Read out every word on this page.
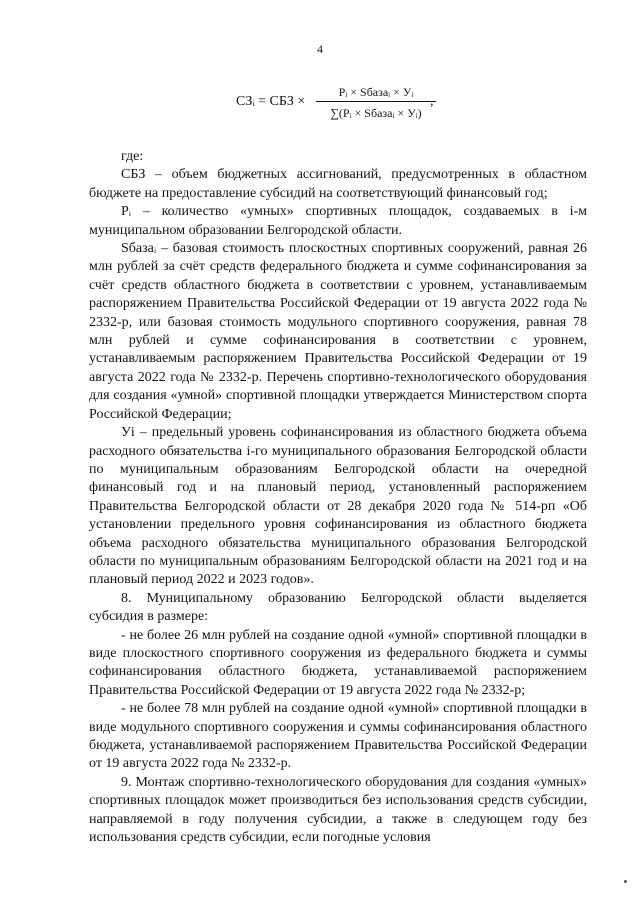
4
СЗᵢ = СБЗ ×
Pᵢ × Sбазаᵢ × Уᵢ
∑(Pᵢ × Sбазаᵢ × Уᵢ)
,

где:

СБЗ – объем бюджетных ассигнований, предусмотренных в областном бюджете на предоставление субсидий на соответствующий финансовый год;

Pᵢ – количество «умных» спортивных площадок, создаваемых в i-м муниципальном образовании Белгородской области.

Sбазаᵢ – базовая стоимость плоскостных спортивных сооружений, равная 26 млн рублей за счёт средств федерального бюджета и сумме софинансирования за счёт средств областного бюджета в соответствии с уровнем, устанавливаемым распоряжением Правительства Российской Федерации от 19 августа 2022 года № 2332-р, или базовая стоимость модульного спортивного сооружения, равная 78 млн рублей и сумме софинансирования в соответствии с уровнем, устанавливаемым распоряжением Правительства Российской Федерации от 19 августа 2022 года № 2332-р. Перечень спортивно-технологического оборудования для создания «умной» спортивной площадки утверждается Министерством спорта Российской Федерации;

Уi – предельный уровень софинансирования из областного бюджета объема расходного обязательства i-го муниципального образования Белгородской области по муниципальным образованиям Белгородской области на очередной финансовый год и на плановый период, установленный распоряжением Правительства Белгородской области от 28 декабря 2020 года № 514-рп «Об установлении предельного уровня софинансирования из областного бюджета объема расходного обязательства муниципального образования Белгородской области по муниципальным образованиям Белгородской области на 2021 год и на плановый период 2022 и 2023 годов».

8. Муниципальному образованию Белгородской области выделяется субсидия в размере:

- не более 26 млн рублей на создание одной «умной» спортивной площадки в виде плоскостного спортивного сооружения из федерального бюджета и суммы софинансирования областного бюджета, устанавливаемой распоряжением Правительства Российской Федерации от 19 августа 2022 года № 2332-р;

- не более 78 млн рублей на создание одной «умной» спортивной площадки в виде модульного спортивного сооружения и суммы софинансирования областного бюджета, устанавливаемой распоряжением Правительства Российской Федерации от 19 августа 2022 года № 2332-р.

9. Монтаж спортивно-технологического оборудования для создания «умных» спортивных площадок может производиться без использования средств субсидии, направляемой в году получения субсидии, а также в следующем году без использования средств субсидии, если погодные условия
